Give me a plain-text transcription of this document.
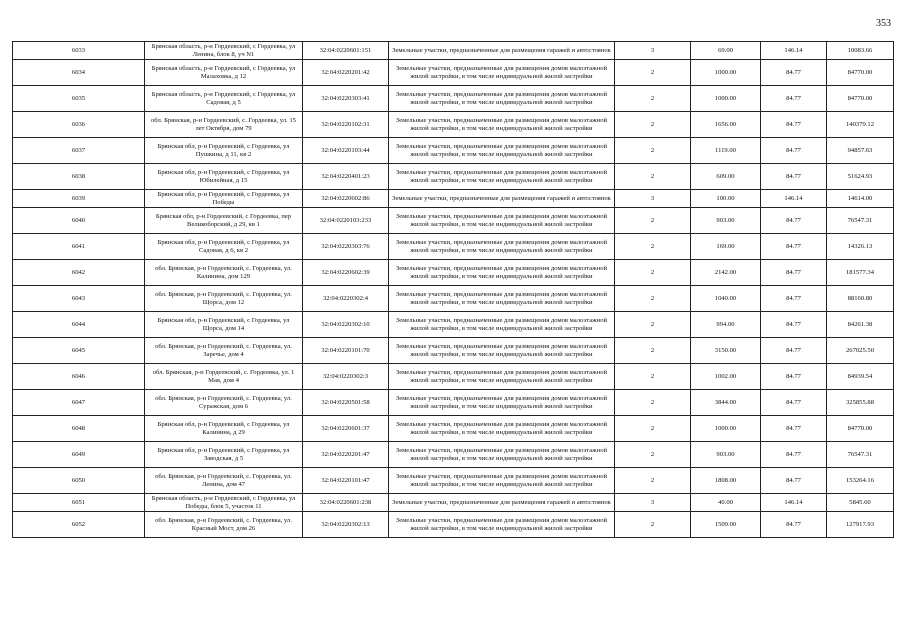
353
6033	Брянская область, р-н Гордеевский, с Гордеевка, ул Ленина, блок 8, уч N1	32:04:0220601:151	Земельные участки, предназначенные для размещения гаражей и автостоянок	3	69.00	146.14	10083.66
6034	Брянская область, р-н Гордеевский, с Гордеевка, ул Малаховка, д 12	32:04:0220201:42	Земельные участки, предназначенные для размещения домов малоэтажной жилой застройки, в том числе индивидуальной жилой застройки	2	1000.00	84.77	84770.00
6035	Брянская область, р-н Гордеевский, с Гордеевка, ул Садовая, д 5	32:04:0220303:41	Земельные участки, предназначенные для размещения домов малоэтажной жилой застройки, в том числе индивидуальной жилой застройки	2	1000.00	84.77	84770.00
6036	обл. Брянская, р-н Гордеевский, с. Гордеевка, ул. 15 лет Октября, дом 79	32:04:0220102:31	Земельные участки, предназначенные для размещения домов малоэтажной жилой застройки, в том числе индивидуальной жилой застройки	2	1656.00	84.77	140379.12
6037	Брянская обл, р-н Гордеевский, с Гордеевка, ул Пушкина, д 11, кв 2	32:04:0220103:44	Земельные участки, предназначенные для размещения домов малоэтажной жилой застройки, в том числе индивидуальной жилой застройки	2	1119.00	84.77	94857.63
6038	Брянская обл, р-н Гордеевский, с Гордеевка, ул Юбилейная, д 15	32:04:0220401:23	Земельные участки, предназначенные для размещения домов малоэтажной жилой застройки, в том числе индивидуальной жилой застройки	2	609.00	84.77	51624.93
6039	Брянская обл, р-н Гордеевский, с Гордеевка, ул Победы	32:04:0220602:86	Земельные участки, предназначенные для размещения гаражей и автостоянок	3	100.00	146.14	14614.00
6040	Брянская обл, р-н Гордеевский, с Гордеевка, пер Великоборский, д 29, кв 1	32:04:0220103:233	Земельные участки, предназначенные для размещения домов малоэтажной жилой застройки, в том числе индивидуальной жилой застройки	2	903.00	84.77	76547.31
6041	Брянская обл, р-н Гордеевский, с Гордеевка, ул Садовая, д 6, кв 2	32:04:0220303:76	Земельные участки, предназначенные для размещения домов малоэтажной жилой застройки, в том числе индивидуальной жилой застройки	2	169.00	84.77	14326.13
6042	обл. Брянская, р-н Гордеевский, с. Гордеевка, ул. Калинина, дом 129	32:04:0220602:39	Земельные участки, предназначенные для размещения домов малоэтажной жилой застройки, в том числе индивидуальной жилой застройки	2	2142.00	84.77	181577.34
6043	обл. Брянская, р-н Гордеевский, с. Гордеевка, ул. Щорса, дом 12	32:04:0220302:4	Земельные участки, предназначенные для размещения домов малоэтажной жилой застройки, в том числе индивидуальной жилой застройки	2	1040.00	84.77	88160.80
6044	Брянская обл, р-н Гордеевский, с Гордеевка, ул Щорса, дом 14	32:04:0220302:10	Земельные участки, предназначенные для размещения домов малоэтажной жилой застройки, в том числе индивидуальной жилой застройки	2	994.00	84.77	84261.38
6045	обл. Брянская, р-н Гордеевский, с. Гордеевка, ул. Заречье, дом 4	32:04:0220101:70	Земельные участки, предназначенные для размещения домов малоэтажной жилой застройки, в том числе индивидуальной жилой застройки	2	3150.00	84.77	267025.50
6046	обл. Брянская, р-н Гордеевский, с. Гордеевка, ул. 1 Мая, дом 4	32:04:0220302:3	Земельные участки, предназначенные для размещения домов малоэтажной жилой застройки, в том числе индивидуальной жилой застройки	2	1002.00	84.77	84939.54
6047	обл. Брянская, р-н Гордеевский, с. Гордеевка, ул. Суражская, дом 6	32:04:0220501:58	Земельные участки, предназначенные для размещения домов малоэтажной жилой застройки, в том числе индивидуальной жилой застройки	2	3844.00	84.77	325855.88
6048	Брянская обл, р-н Гордеевский, с Гордеевка, ул Калинина, д 29	32:04:0220601:37	Земельные участки, предназначенные для размещения домов малоэтажной жилой застройки, в том числе индивидуальной жилой застройки	2	1000.00	84.77	84770.00
6049	Брянская обл, р-н Гордеевский, с Гордеевка, ул Заводская, д 5	32:04:0220201:47	Земельные участки, предназначенные для размещения домов малоэтажной жилой застройки, в том числе индивидуальной жилой застройки	2	903.00	84.77	76547.31
6050	обл. Брянская, р-н Гордеевский, с. Гордеевка, ул. Ленина, дом 47	32:04:0220101:47	Земельные участки, предназначенные для размещения домов малоэтажной жилой застройки, в том числе индивидуальной жилой застройки	2	1808.00	84.77	153264.16
6051	Брянская область, р-н Гордеевский, с Гордеевка, ул Победы, блок 5, участок 11	32:04:0220601:238	Земельные участки, предназначенные для размещения гаражей и автостоянок	3	40.00	146.14	5845.60
6052	обл. Брянская, р-н Гордеевский, с. Гордеевка, ул. Красный Мост, дом 26	32:04:0220302:13	Земельные участки, предназначенные для размещения домов малоэтажной жилой застройки, в том числе индивидуальной жилой застройки	2	1509.00	84.77	127917.93
